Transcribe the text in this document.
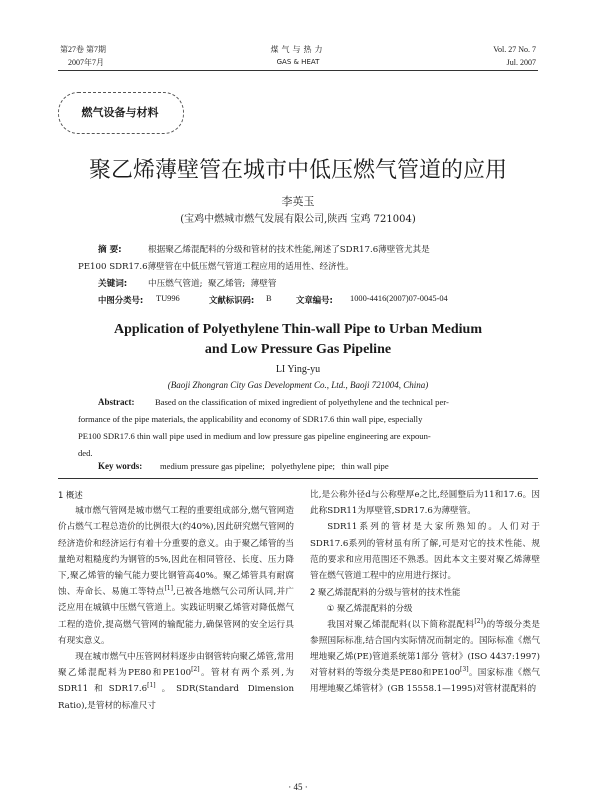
第27卷 第7期
2007年7月
煤气与热力
GAS & HEAT
Vol. 27 No. 7
Jul. 2007
燃气设备与材料
聚乙烯薄壁管在城市中低压燃气管道的应用
李英玉
(宝鸡中燃城市燃气发展有限公司,陕西 宝鸡 721004)
摘 要:	根据聚乙烯混配料的分级和管材的技术性能,阐述了SDR17.6薄壁管尤其是
PE100 SDR17.6薄壁管在中低压燃气管道工程应用的适用性、经济性。
关键词: 中压燃气管道;  聚乙烯管;  薄壁管
中图分类号: TU996	文献标识码: B	文章编号: 1000-4416(2007)07-0045-04
Application of Polyethylene Thin-wall Pipe to Urban Medium
and Low Pressure Gas Pipeline
LI Ying-yu
(Baoji Zhongran City Gas Development Co., Ltd., Baoji 721004, China)
Abstract: Based on the classification of mixed ingredient of polyethylene and the technical per-
formance of the pipe materials, the applicability and economy of SDR17.6 thin wall pipe, especially
PE100 SDR17.6 thin wall pipe used in medium and low pressure gas pipeline engineering are expoun-
ded.
Key words: medium pressure gas pipeline;   polyethylene pipe;   thin wall pipe

1 概述

城市燃气管网是城市燃气工程的重要组成部分,燃气管网造价占燃气工程总造价的比例很大(约40%),因此研究燃气管网的经济造价和经济运行有着十分重要的意义。由于聚乙烯管的当量绝对粗糙度约为钢管的5%,因此在相同管径、长度、压力降下,聚乙烯管的输气能力要比钢管高40%。聚乙烯管具有耐腐蚀、寿命长、易施工等特点[1],已被各地燃气公司所认同,并广泛应用在城镇中压燃气管道上。实践证明聚乙烯管对降低燃气工程的造价,提高燃气管网的输配能力,确保管网的安全运行具有现实意义。

现在城市燃气中压管网材料逐步由钢管转向聚乙烯管,常用聚乙烯混配料为PE80和PE100[2]。管材有两个系列,为SDR11和SDR17.6[1]。SDR(Standard Dimension Ratio),是管材的标准尺寸

比,是公称外径d与公称壁厚e之比,经圆整后为11和17.6。因此称SDR11为厚壁管,SDR17.6为薄壁管。

SDR11系列的管材是大家所熟知的。人们对于SDR17.6系列的管材虽有所了解,可是对它的技术性能、规范的要求和应用范围还不熟悉。因此本文主要对聚乙烯薄壁管在燃气管道工程中的应用进行探讨。

2 聚乙烯混配料的分级与管材的技术性能

① 聚乙烯混配料的分级

我国对聚乙烯混配料(以下简称混配料[2])的等级分类是参照国际标准,结合国内实际情况而制定的。国际标准《燃气埋地聚乙烯(PE)管道系统第1部分 管材》(ISO 4437:1997)对管材料的等级分类是PE80和PE100[3]。国家标准《燃气用埋地聚乙烯管材》(GB 15558.1—1995)对管材混配料的

· 45 ·
